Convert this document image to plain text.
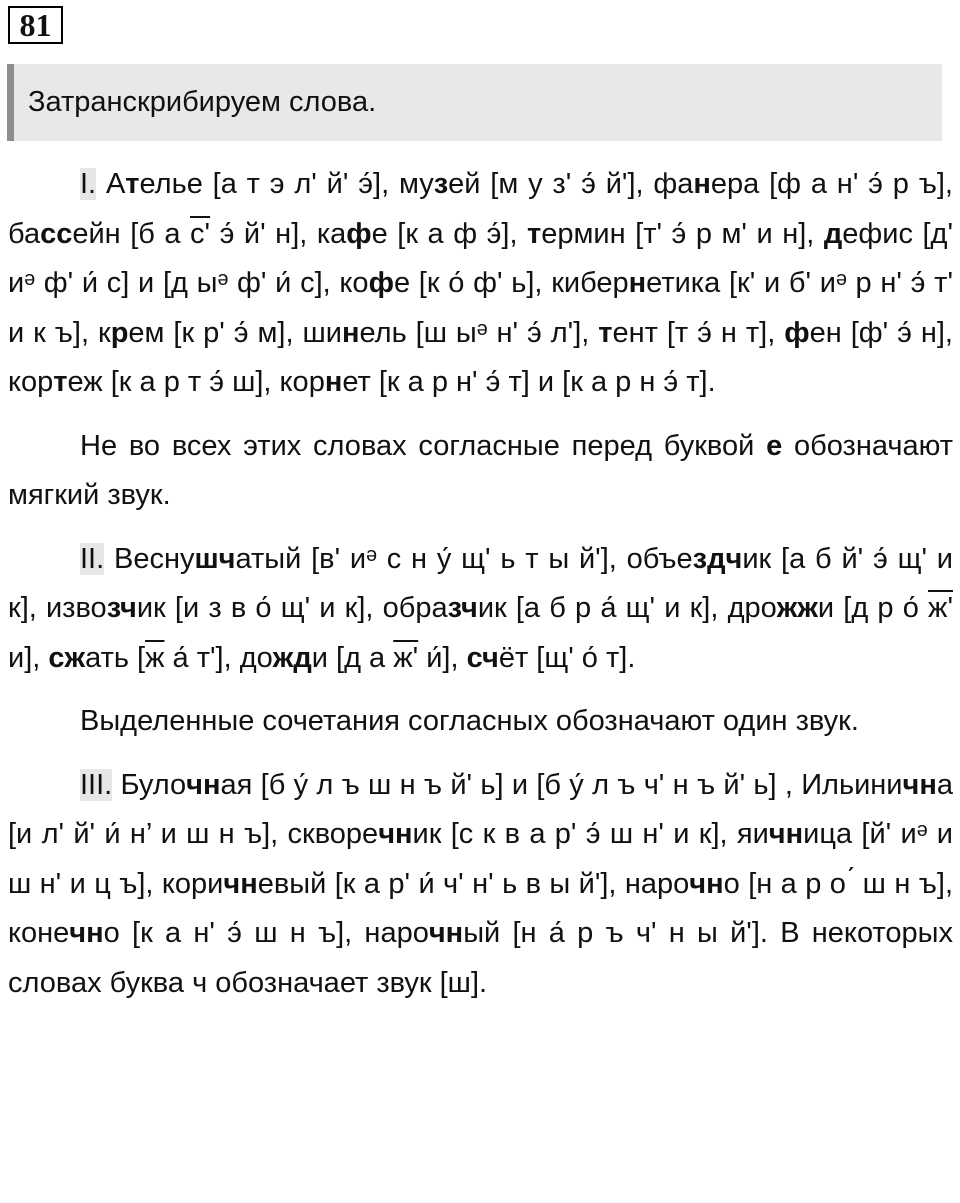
81
Затранскрибируем слова.

I. Ателье [а т э л' й' э́], музей [м у з' э́ й'], фанера [ф а н' э́ р ъ], бассейн [б а с' э́ й' н], кафе [к а ф э́], термин [т' э́ р м' и н], дефис [д' иᵊ ф' и́ с] и [д ыᵊ ф' и́ с], кофе [к о́ ф' ь], кибернетика [к' и б' иᵊ р н' э́ т' и к ъ], крем [к р' э́ м], шинель [ш ыᵊ н' э́ л'], тент [т э́ н т], фен [ф' э́ н], кортеж [к а р т э́ ш], корнет [к а р н' э́ т] и [к а р н э́ т].

Не во всех этих словах согласные перед буквой е обозначают мягкий звук.

II. Веснушчатый [в' иᵊ с н у́ щ' ь т ы й'], объездчик [а б й' э́ щ' и к], извозчик [и з в о́ щ' и к], образчик [а б р а́ щ' и к], дрожжи [д р о́ ж' и], сжать [ж а́ т'], дожди [д а ж' и́], счёт [щ' о́ т].

Выделенные сочетания согласных обозначают один звук.

III. Булочная [б у́ л ъ ш н ъ й' ь] и [б у́ л ъ ч' н ъ й' ь] , Ильинична [и л' й' и́ н’ и ш н ъ], скворечник [с к в а р' э́ ш н' и к], яичница [й' иᵊ и ш н' и ц ъ], коричневый [к а р' и́ ч' н' ь в ы й'], нарочно [н а р о ́ ш н ъ], конечно [к а н' э́ ш н ъ], нарочный [н а́ р ъ ч' н ы й']. В некоторых словах буква ч обозначает звук [ш].
